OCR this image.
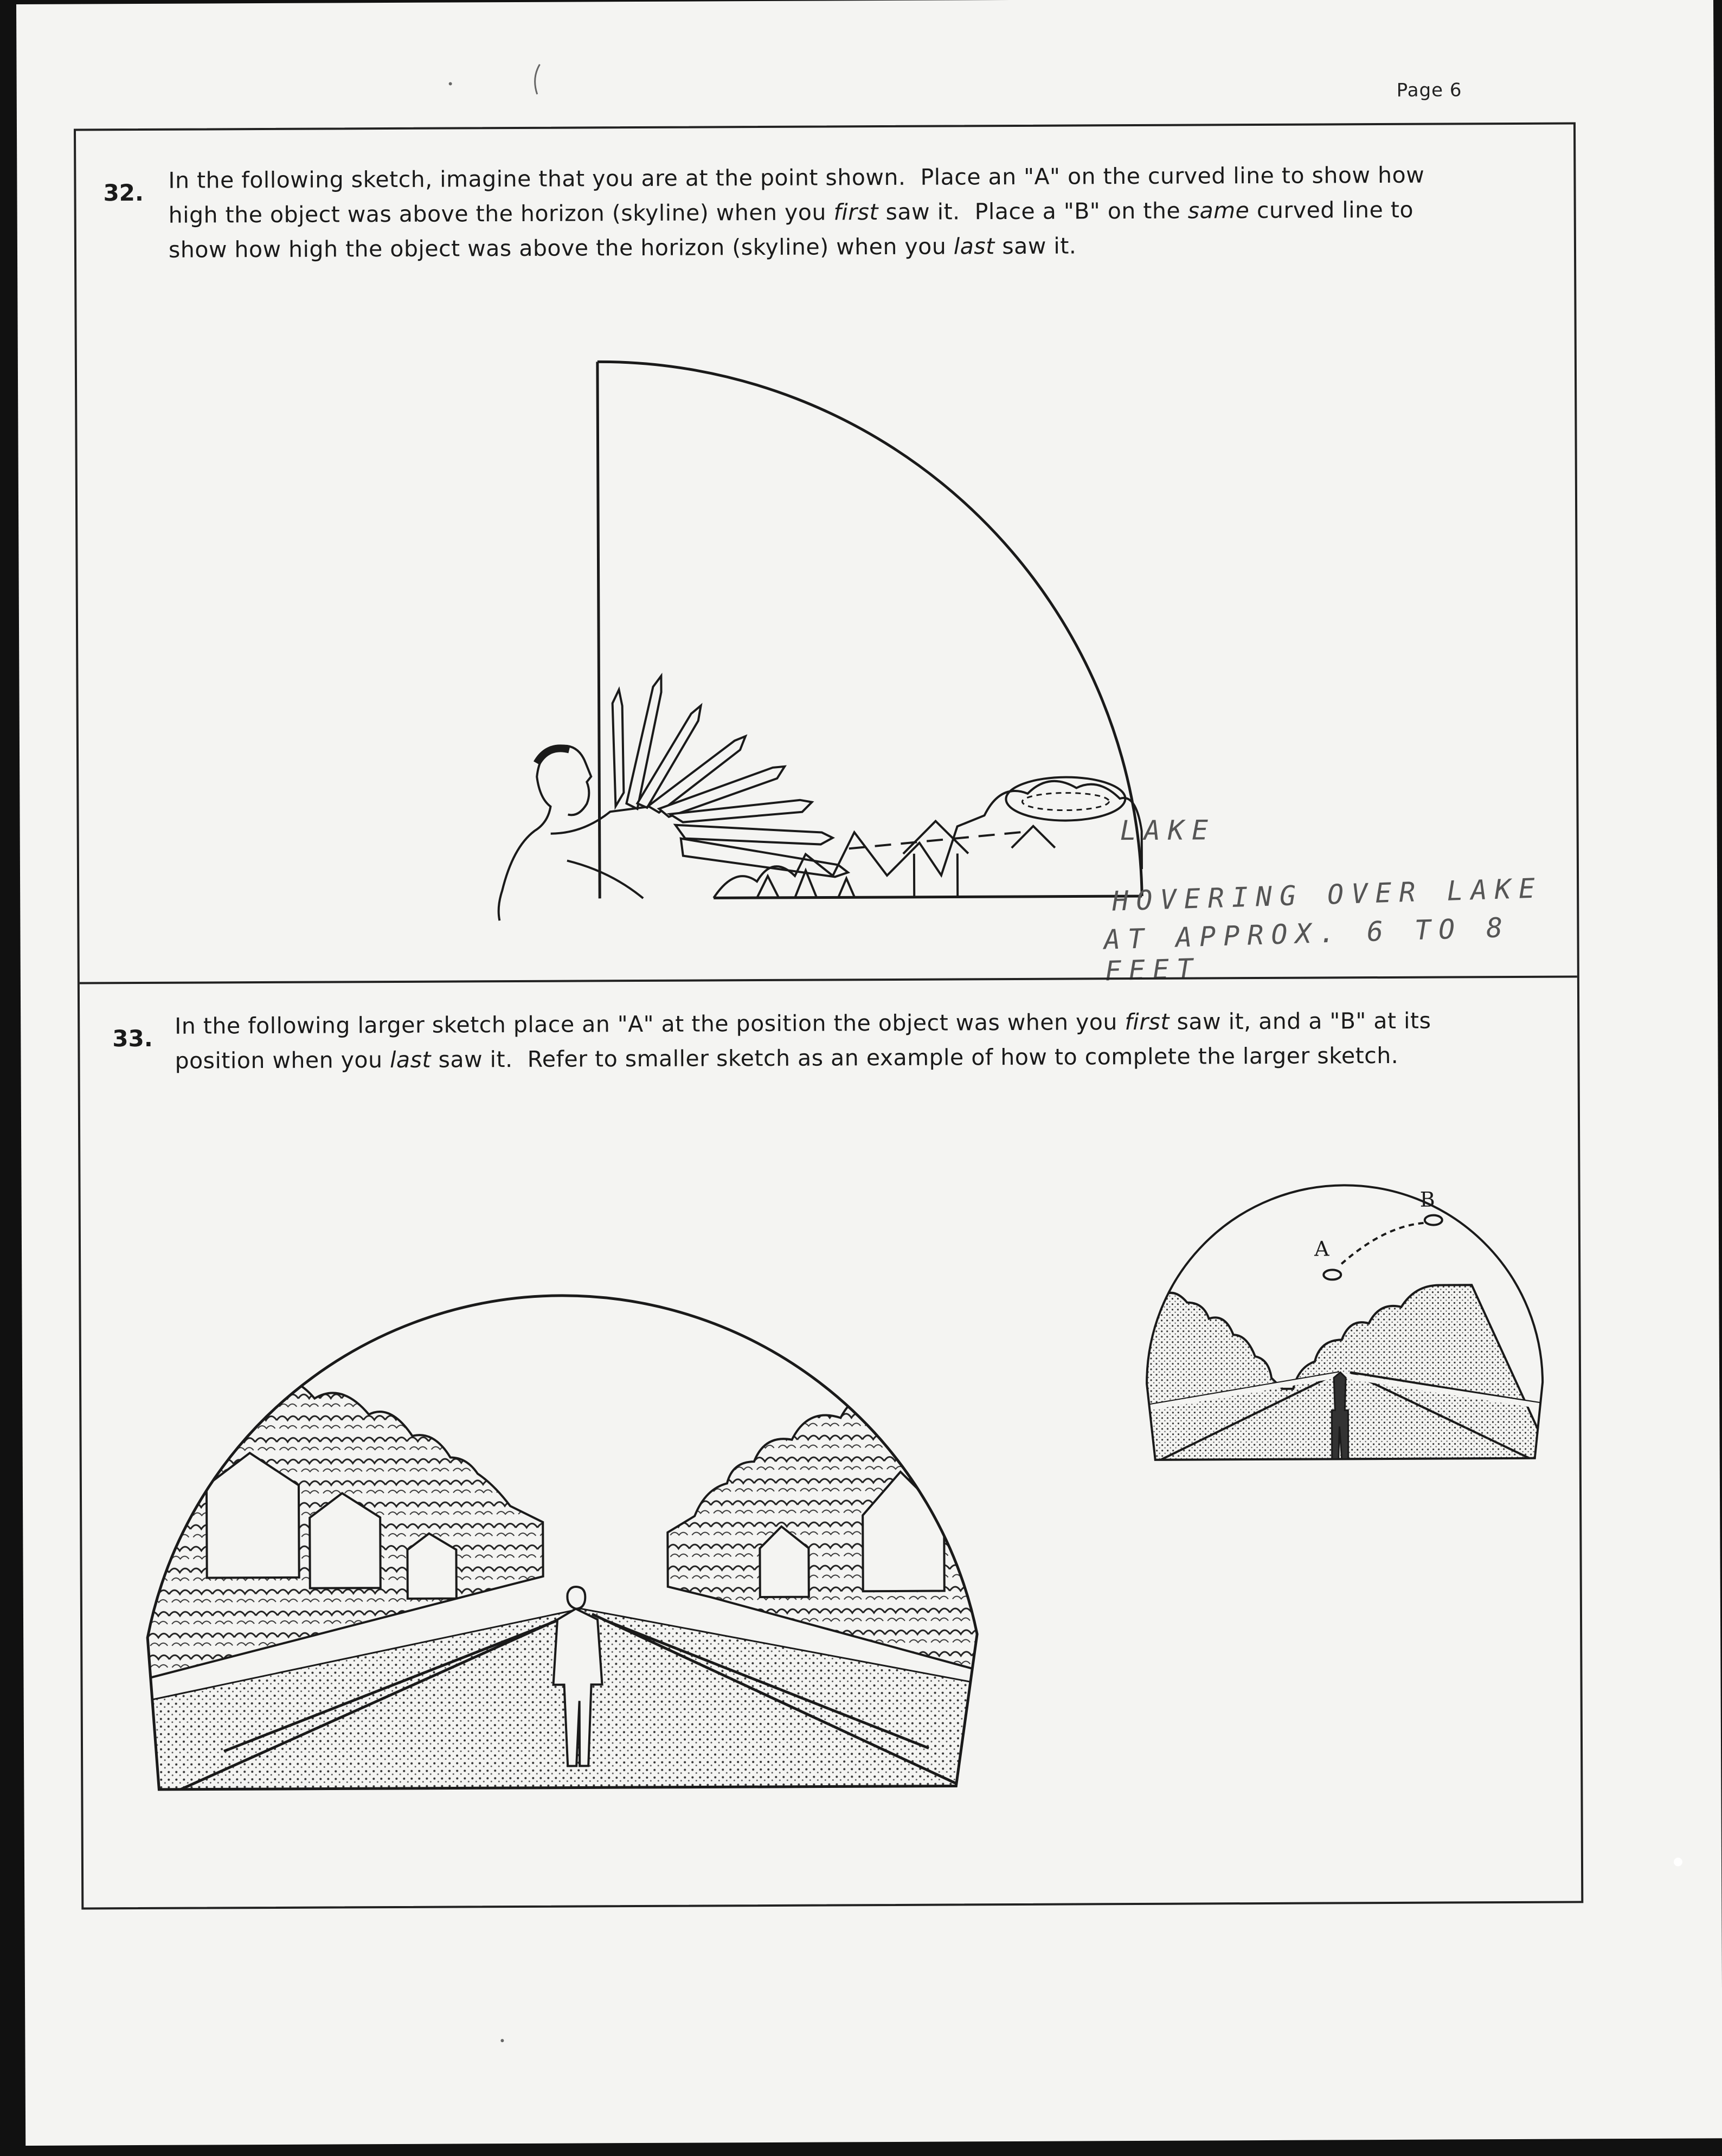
Page 6
32. In the following sketch, imagine that you are at the point shown.  Place an "A" on the curved line to show how
high the object was above the horizon (skyline) when you first saw it.  Place a "B" on the same curved line to
show how high the object was above the horizon (skyline) when you last saw it.
LAKE
HOVERING OVER LAKE
AT APPROX. 6 TO 8 FEET
33. In the following larger sketch place an "A" at the position the object was when you first saw it, and a "B" at its
position when you last saw it.  Refer to smaller sketch as an example of how to complete the larger sketch.
A
B
